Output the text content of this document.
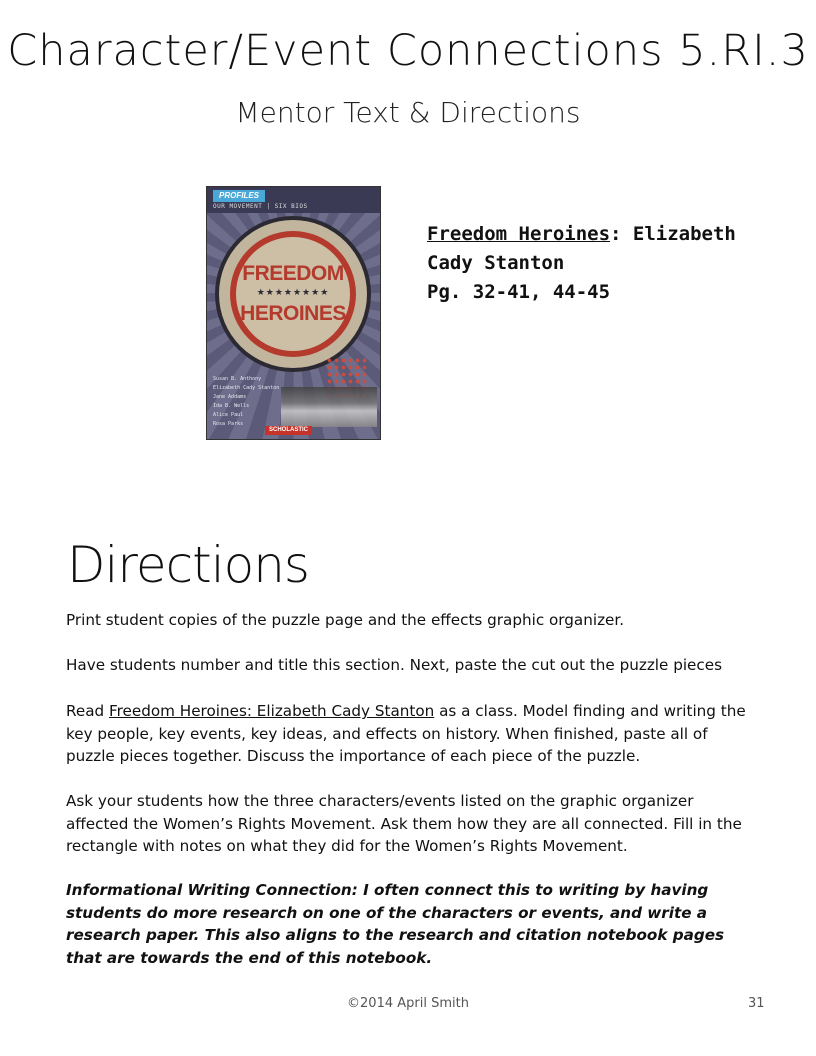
Character/Event Connections 5.RI.3
Mentor Text & Directions
PROFILES
OUR MOVEMENT | SIX BIOS
FREEDOM
★★★★★★★★
HEROINES
Susan B. Anthony
Elizabeth Cady Stanton
Jane Addams
Ida B. Wells
Alice Paul
Rosa Parks
SCHOLASTIC
Freedom Heroines: Elizabeth
Cady Stanton
Pg. 32-41, 44-45
Directions
Print student copies of the puzzle page and the effects graphic organizer.
Have students number and title this section. Next, paste the cut out the puzzle pieces
Read Freedom Heroines: Elizabeth Cady Stanton as a class. Model finding and writing the key people, key events, key ideas, and effects on history. When finished, paste all of puzzle pieces together. Discuss the importance of each piece of the puzzle.
Ask your students how the three characters/events listed on the graphic organizer affected the Women’s Rights Movement. Ask them how they are all connected. Fill in the rectangle with notes on what they did for the Women’s Rights Movement.
Informational Writing Connection: I often connect this to writing by having students do more research on one of the characters or events, and write a research paper. This also aligns to the research and citation notebook pages that are towards the end of this notebook.
©2014 April Smith	31
